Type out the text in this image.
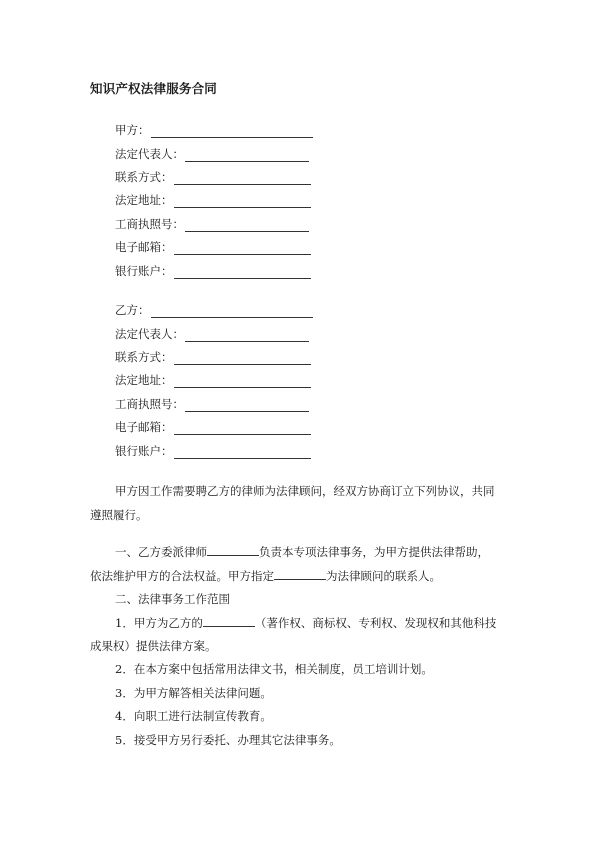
知识产权法律服务合同
甲方：
法定代表人：
联系方式：
法定地址：
工商执照号：
电子邮箱：
银行账户：
乙方：
法定代表人：
联系方式：
法定地址：
工商执照号：
电子邮箱：
银行账户：
甲方因工作需要聘乙方的律师为法律顾问，经双方协商订立下列协议，共同
遵照履行。
一、乙方委派律师	负责本专项法律事务，为甲方提供法律帮助，
依法维护甲方的合法权益。甲方指定	为法律顾问的联系人。
二、法律事务工作范围
1．甲方为乙方的	（著作权、商标权、专利权、发现权和其他科技
成果权）提供法律方案。
2．在本方案中包括常用法律文书，相关制度，员工培训计划。
3．为甲方解答相关法律问题。
4．向职工进行法制宣传教育。
5．接受甲方另行委托、办理其它法律事务。
